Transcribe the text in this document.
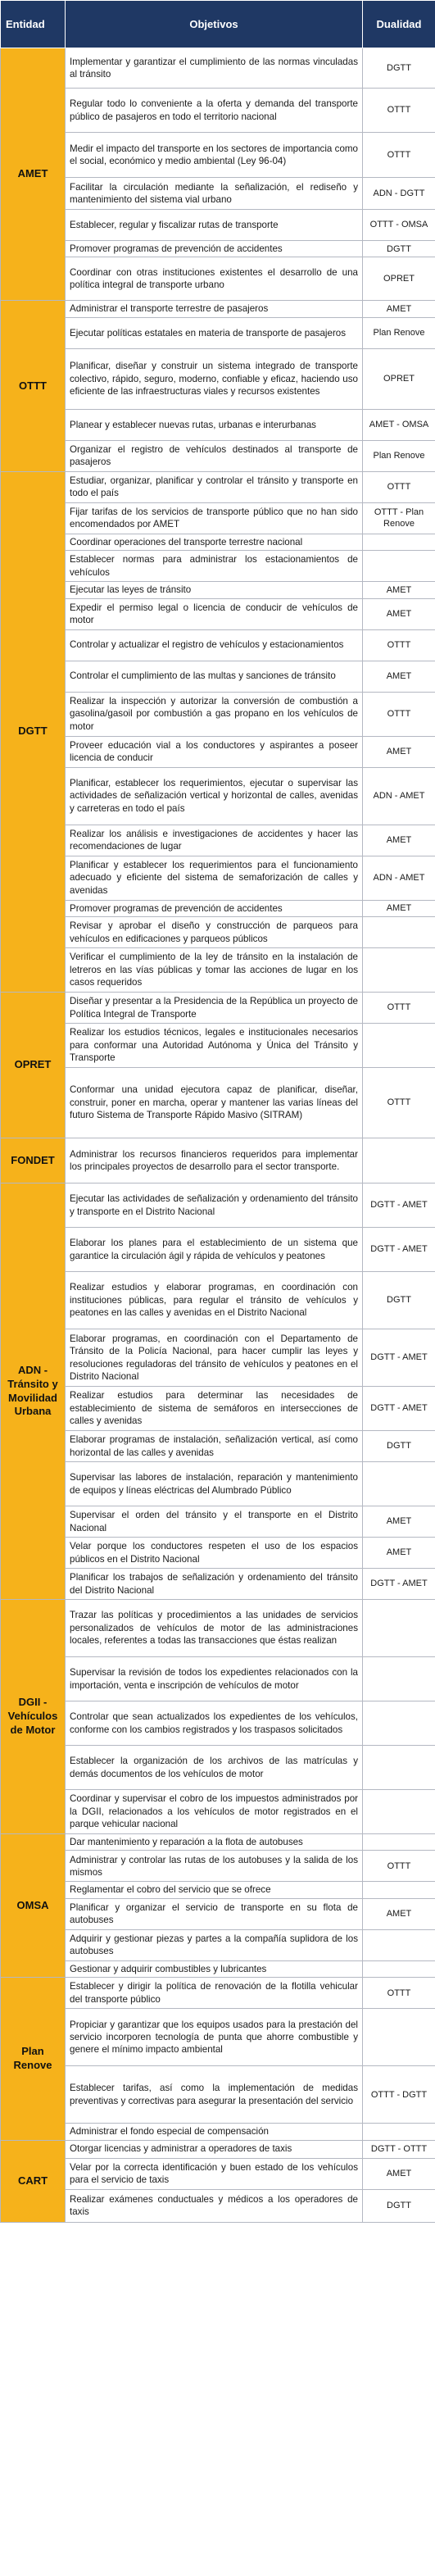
Entidad	Objetivos	Dualidad
AMET	Implementar y garantizar el cumplimiento de las normas vinculadas al tránsito	DGTT
	Regular todo lo conveniente a la oferta y demanda del transporte público de pasajeros en todo el territorio nacional	OTTT
	Medir el impacto del transporte en los sectores de importancia como el social, económico y medio ambiental (Ley 96-04)	OTTT
	Facilitar la circulación mediante la señalización, el rediseño y mantenimiento del sistema vial urbano	ADN - DGTT
	Establecer, regular y fiscalizar rutas de transporte	OTTT - OMSA
	Promover programas de prevención de accidentes	DGTT
	Coordinar con otras instituciones existentes el desarrollo de una política integral de transporte urbano	OPRET
OTTT	Administrar el transporte terrestre de pasajeros	AMET
	Ejecutar políticas estatales en materia de transporte de pasajeros	Plan Renove
	Planificar, diseñar y construir un sistema integrado de transporte colectivo, rápido, seguro, moderno, confiable y eficaz, haciendo uso eficiente de las infraestructuras viales y recursos existentes	OPRET
	Planear y establecer nuevas rutas, urbanas e interurbanas	AMET - OMSA
	Organizar el registro de vehículos destinados al transporte de pasajeros	Plan Renove
DGTT	Estudiar, organizar, planificar y controlar el tránsito y transporte en todo el país	OTTT
	Fijar tarifas de los servicios de transporte público que no han sido encomendados por AMET	OTTT - Plan Renove
	Coordinar operaciones del transporte terrestre nacional	
	Establecer normas para administrar los estacionamientos de vehículos	
	Ejecutar las leyes de tránsito	AMET
	Expedir el permiso legal o licencia de conducir de vehículos de motor	AMET
	Controlar y actualizar el registro de vehículos y estacionamientos	OTTT
	Controlar el cumplimiento de las multas y sanciones de tránsito	AMET
	Realizar la inspección y autorizar la conversión de combustión a gasolina/gasoil por combustión a gas propano en los vehículos de motor	OTTT
	Proveer educación vial a los conductores y aspirantes a poseer licencia de conducir	AMET
	Planificar, establecer los requerimientos, ejecutar o supervisar las actividades de señalización vertical y horizontal de calles, avenidas y carreteras en todo el país	ADN - AMET
	Realizar los análisis e investigaciones de accidentes y hacer las recomendaciones de lugar	AMET
	Planificar y establecer los requerimientos para el funcionamiento adecuado y eficiente del sistema de semaforización de calles y avenidas	ADN - AMET
	Promover programas de prevención de accidentes	AMET
	Revisar y aprobar el diseño y construcción de parqueos para vehículos en edificaciones y parqueos públicos	
	Verificar el cumplimiento de la ley de tránsito en la instalación de letreros en las vías públicas y tomar las acciones de lugar en los casos requeridos	
OPRET	Diseñar y presentar a la Presidencia de la República un proyecto de Política Integral de Transporte	OTTT
	Realizar los estudios técnicos, legales e institucionales necesarios para conformar una Autoridad Autónoma y Única del Tránsito y Transporte	
	Conformar una unidad ejecutora capaz de planificar, diseñar, construir, poner en marcha, operar y mantener las varias líneas del futuro Sistema de Transporte Rápido Masivo (SITRAM)	OTTT
FONDET	Administrar los recursos financieros requeridos para implementar los principales proyectos de desarrollo para el sector transporte.	
ADN - Tránsito y Movilidad Urbana	Ejecutar las actividades de señalización y ordenamiento del tránsito y transporte en el Distrito Nacional	DGTT - AMET
	Elaborar los planes para el establecimiento de un sistema que garantice la circulación ágil y rápida de vehículos y peatones	DGTT - AMET
	Realizar estudios y elaborar programas, en coordinación con instituciones públicas, para regular el tránsito de vehículos y peatones en las calles y avenidas en el Distrito Nacional	DGTT
	Elaborar programas, en coordinación con el Departamento de Tránsito de la Policía Nacional, para hacer cumplir las leyes y resoluciones reguladoras del tránsito de vehículos y peatones en el Distrito Nacional	DGTT - AMET
	Realizar estudios para determinar las necesidades de establecimiento de sistema de semáforos en intersecciones de calles y avenidas	DGTT - AMET
	Elaborar programas de instalación, señalización vertical, así como horizontal de las calles y avenidas	DGTT
	Supervisar las labores de instalación, reparación y mantenimiento de equipos y líneas eléctricas del Alumbrado Público	
	Supervisar el orden del tránsito y el transporte en el Distrito Nacional	AMET
	Velar porque los conductores respeten el uso de los espacios públicos en el Distrito Nacional	AMET
	Planificar los trabajos de señalización y ordenamiento del tránsito del Distrito Nacional	DGTT - AMET
DGII - Vehículos de Motor	Trazar las políticas y procedimientos a las unidades de servicios personalizados de vehículos de motor de las administraciones locales, referentes a todas las transacciones que éstas realizan	
	Supervisar la revisión de todos los expedientes relacionados con la importación, venta e inscripción de vehículos de motor	
	Controlar que sean actualizados los expedientes de los vehículos, conforme con los cambios registrados y los traspasos solicitados	
	Establecer la organización de los archivos de las matrículas y demás documentos de los vehículos de motor	
	Coordinar y supervisar el cobro de los impuestos administrados por la DGII, relacionados a los vehículos de motor registrados en el parque vehicular nacional	
OMSA	Dar mantenimiento y reparación a la flota de autobuses	
	Administrar y controlar las rutas de los autobuses y la salida de los mismos	OTTT
	Reglamentar el cobro del servicio que se ofrece	
	Planificar y organizar el servicio de transporte en su flota de autobuses	AMET
	Adquirir y gestionar piezas y partes a la compañía suplidora de los autobuses	
	Gestionar y adquirir combustibles y lubricantes	
Plan Renove	Establecer y dirigir la política de renovación de la flotilla vehicular del transporte público	OTTT
	Propiciar y garantizar que los equipos usados para la prestación del servicio incorporen tecnología de punta que ahorre combustible y genere el mínimo impacto ambiental	
	Establecer tarifas, así como la implementación de medidas preventivas y correctivas para asegurar la presentación del servicio	OTTT - DGTT
	Administrar el fondo especial de compensación	
CART	Otorgar licencias y administrar a operadores de taxis	DGTT - OTTT
	Velar por la correcta identificación y buen estado de los vehículos para el servicio de taxis	AMET
	Realizar exámenes conductuales y médicos a los operadores de taxis	DGTT
